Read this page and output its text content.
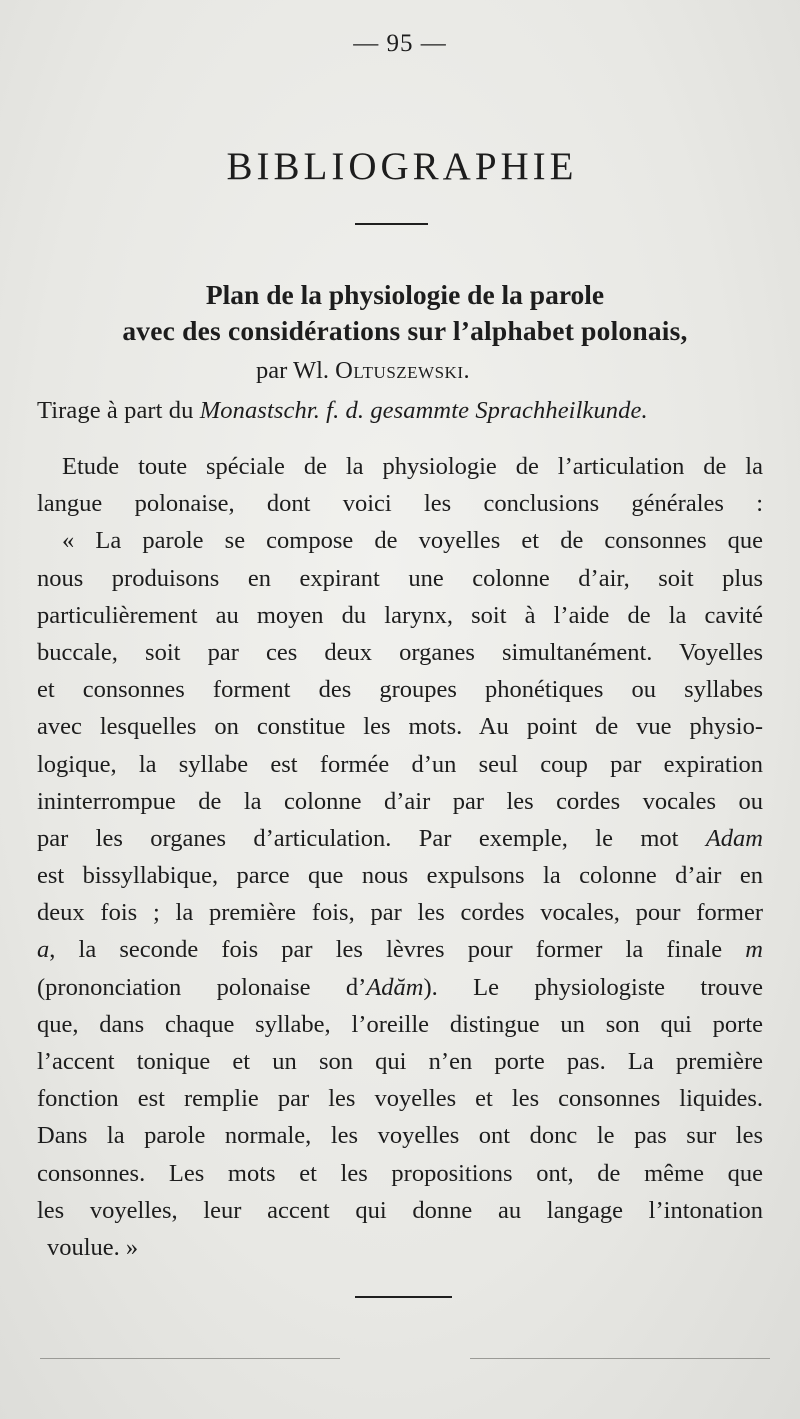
— 95 —
BIBLIOGRAPHIE
Plan de la physiologie de la parole
avec des considérations sur l’alphabet polonais,
par Wl. Oltuszewski.
Tirage à part du Monastschr. f. d. gesammte Sprachheilkunde.
Etude toute spéciale de la physiologie de l’articulation de la
langue polonaise, dont voici les conclusions générales :
« La parole se compose de voyelles et de consonnes que
nous produisons en expirant une colonne d’air, soit plus
particulièrement au moyen du larynx, soit à l’aide de la cavité
buccale, soit par ces deux organes simultanément. Voyelles
et consonnes forment des groupes phonétiques ou syllabes
avec lesquelles on constitue les mots. Au point de vue physio-
logique, la syllabe est formée d’un seul coup par expiration
ininterrompue de la colonne d’air par les cordes vocales ou
par les organes d’articulation. Par exemple, le mot Adam
est bissyllabique, parce que nous expulsons la colonne d’air en
deux fois ; la première fois, par les cordes vocales, pour former
a, la seconde fois par les lèvres pour former la finale m
(prononciation polonaise d’Adăm). Le physiologiste trouve
que, dans chaque syllabe, l’oreille distingue un son qui porte
l’accent tonique et un son qui n’en porte pas. La première
fonction est remplie par les voyelles et les consonnes liquides.
Dans la parole normale, les voyelles ont donc le pas sur les
consonnes. Les mots et les propositions ont, de même que
les voyelles, leur accent qui donne au langage l’intonation
voulue. »
